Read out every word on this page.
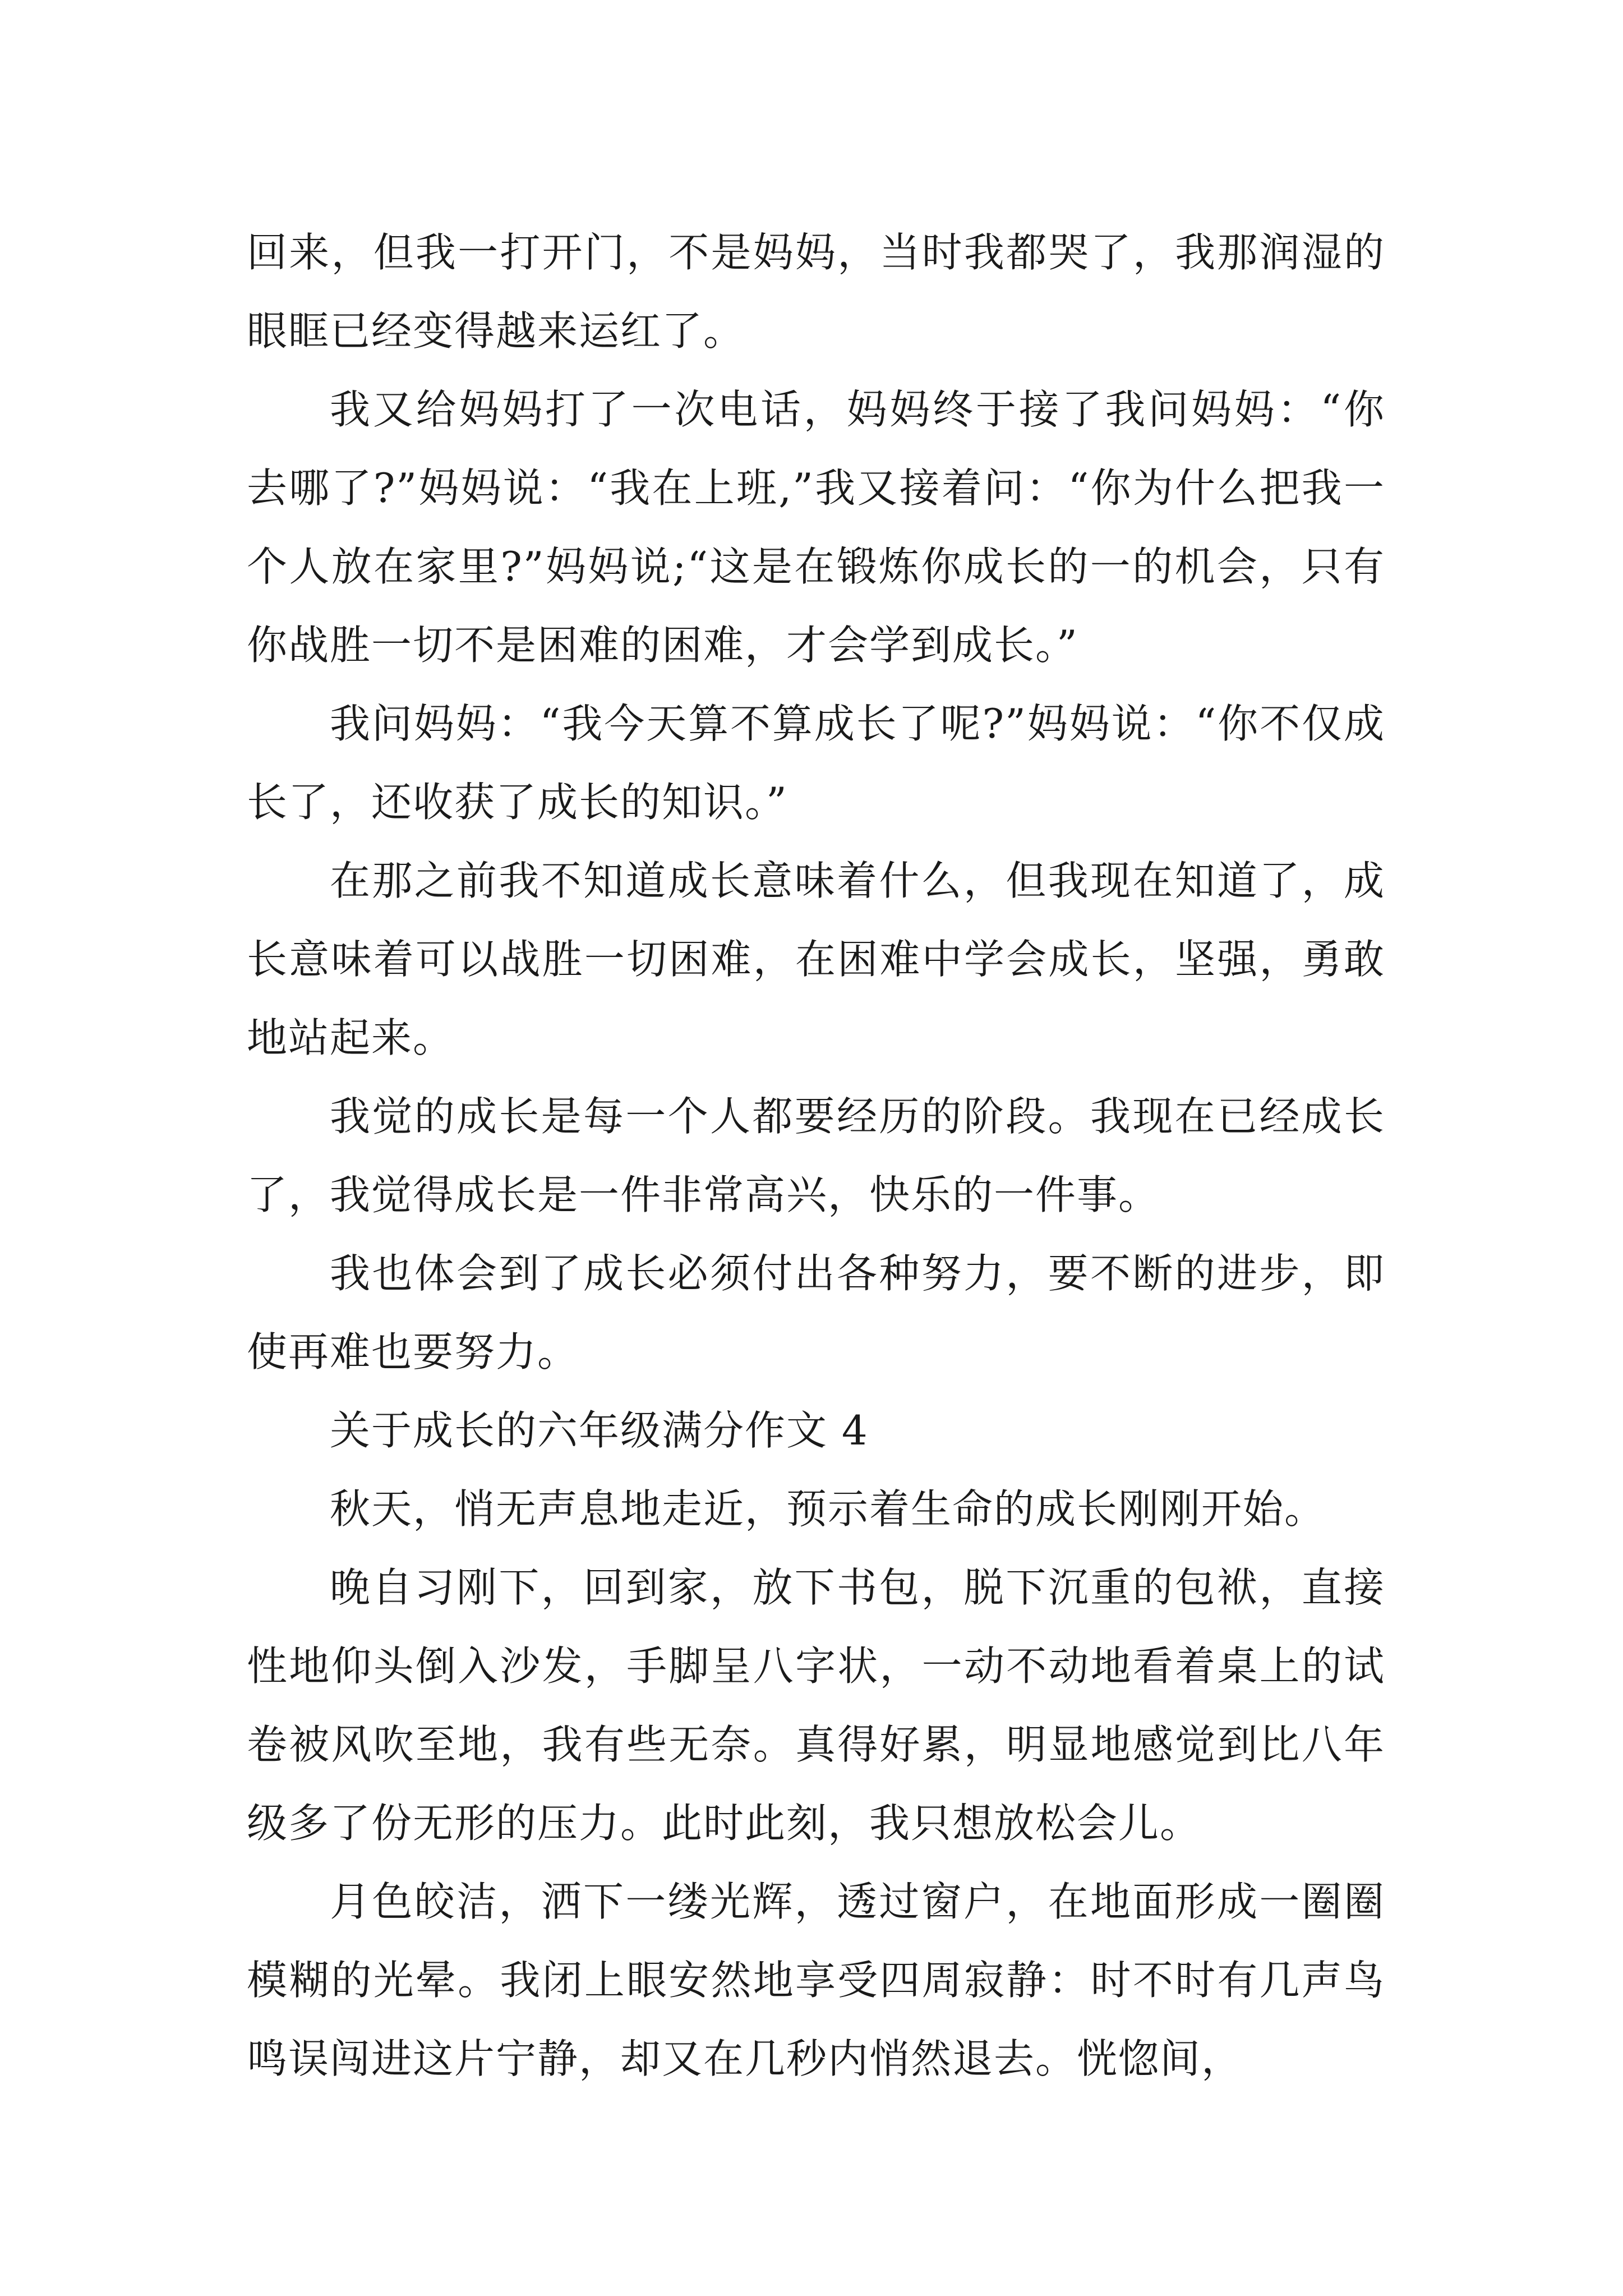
回来，但我一打开门，不是妈妈，当时我都哭了，我那润湿的眼眶已经变得越来运红了。

我又给妈妈打了一次电话，妈妈终于接了我问妈妈：“你去哪了?”妈妈说：“我在上班,”我又接着问：“你为什么把我一个人放在家里?”妈妈说;“这是在锻炼你成长的一的机会，只有你战胜一切不是困难的困难，才会学到成长。”

我问妈妈：“我今天算不算成长了呢?”妈妈说：“你不仅成长了，还收获了成长的知识。”

在那之前我不知道成长意味着什么，但我现在知道了，成长意味着可以战胜一切困难，在困难中学会成长，坚强，勇敢地站起来。

我觉的成长是每一个人都要经历的阶段。我现在已经成长了，我觉得成长是一件非常高兴，快乐的一件事。

我也体会到了成长必须付出各种努力，要不断的进步，即使再难也要努力。

关于成长的六年级满分作文 4

秋天，悄无声息地走近，预示着生命的成长刚刚开始。

晚自习刚下，回到家，放下书包，脱下沉重的包袱，直接性地仰头倒入沙发，手脚呈八字状，一动不动地看着桌上的试卷被风吹至地，我有些无奈。真得好累，明显地感觉到比八年级多了份无形的压力。此时此刻，我只想放松会儿。

月色皎洁，洒下一缕光辉，透过窗户，在地面形成一圈圈模糊的光晕。我闭上眼安然地享受四周寂静：时不时有几声鸟鸣误闯进这片宁静，却又在几秒内悄然退去。恍惚间，
